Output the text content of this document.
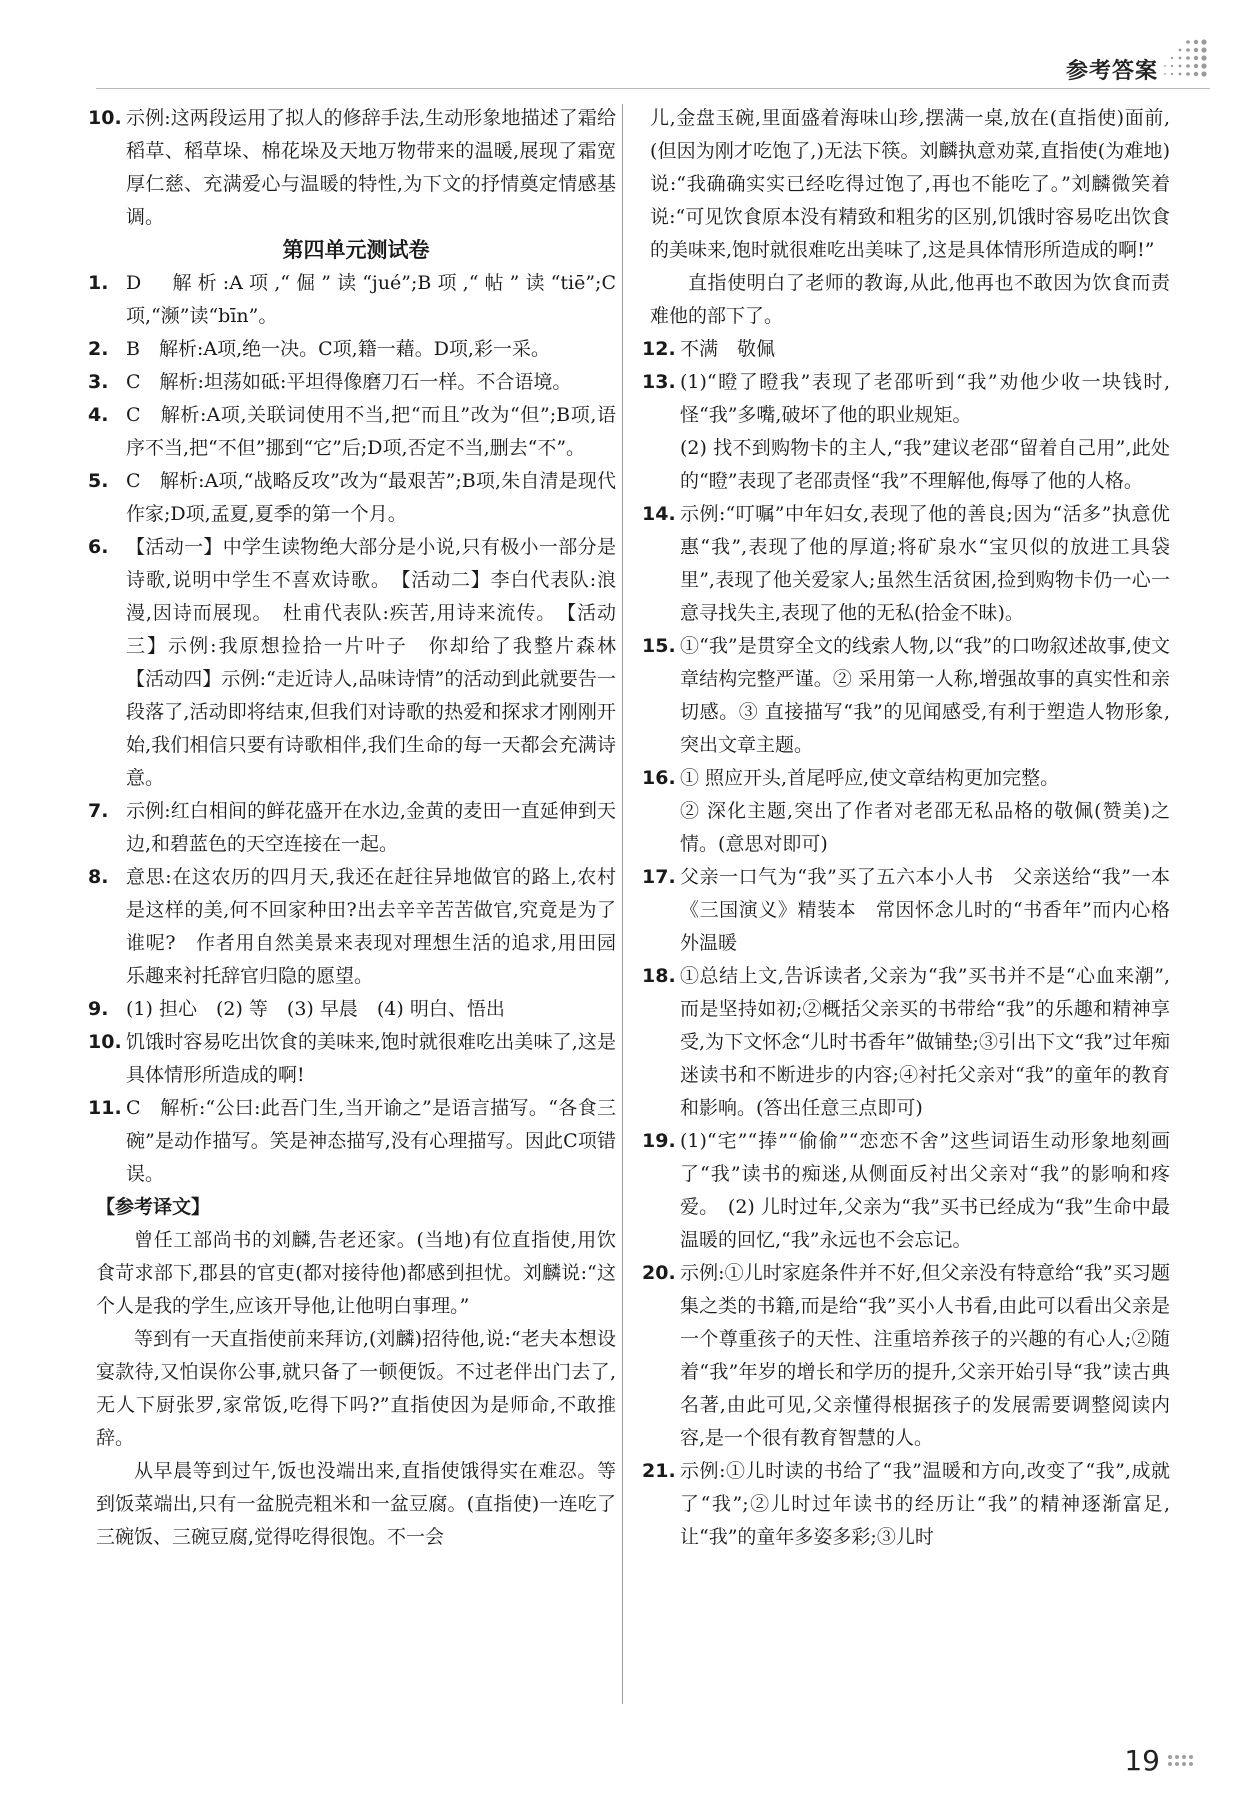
参考答案
10. 示例:这两段运用了拟人的修辞手法,生动形象地描述了霜给稻草、稻草垛、棉花垛及天地万物带来的温暖,展现了霜宽厚仁慈、充满爱心与温暖的特性,为下文的抒情奠定情感基调。
第四单元测试卷
1. D　解析:A项,“倔”读“jué”;B项,“帖”读“tiē”;C项,“濒”读“bīn”。
2. B　解析:A项,绝一决。C项,籍一藉。D项,彩一采。
3. C　解析:坦荡如砥:平坦得像磨刀石一样。不合语境。
4. C　解析:A项,关联词使用不当,把“而且”改为“但”;B项,语序不当,把“不但”挪到“它”后;D项,否定不当,删去“不”。
5. C　解析:A项,“战略反攻”改为“最艰苦”;B项,朱自清是现代作家;D项,孟夏,夏季的第一个月。
6. 【活动一】中学生读物绝大部分是小说,只有极小一部分是诗歌,说明中学生不喜欢诗歌。　【活动二】李白代表队:浪漫,因诗而展现。　杜甫代表队:疾苦,用诗来流传。　【活动三】示例:我原想捡拾一片叶子　你却给了我整片森林　【活动四】示例:“走近诗人,品味诗情”的活动到此就要告一段落了,活动即将结束,但我们对诗歌的热爱和探求才刚刚开始,我们相信只要有诗歌相伴,我们生命的每一天都会充满诗意。
7. 示例:红白相间的鲜花盛开在水边,金黄的麦田一直延伸到天边,和碧蓝色的天空连接在一起。
8. 意思:在这农历的四月天,我还在赶往异地做官的路上,农村是这样的美,何不回家种田?出去辛辛苦苦做官,究竟是为了谁呢?　作者用自然美景来表现对理想生活的追求,用田园乐趣来衬托辞官归隐的愿望。
9. (1) 担心　(2) 等　(3) 早晨　(4) 明白、悟出
10. 饥饿时容易吃出饮食的美味来,饱时就很难吃出美味了,这是具体情形所造成的啊!
11. C　解析:“公曰:此吾门生,当开谕之”是语言描写。“各食三碗”是动作描写。笑是神态描写,没有心理描写。因此C项错误。
【参考译文】

曾任工部尚书的刘麟,告老还家。(当地)有位直指使,用饮食苛求部下,郡县的官吏(都对接待他)都感到担忧。刘麟说:“这个人是我的学生,应该开导他,让他明白事理。”

等到有一天直指使前来拜访,(刘麟)招待他,说:“老夫本想设宴款待,又怕误你公事,就只备了一顿便饭。不过老伴出门去了,无人下厨张罗,家常饭,吃得下吗?”直指使因为是师命,不敢推辞。

从早晨等到过午,饭也没端出来,直指使饿得实在难忍。等到饭菜端出,只有一盆脱壳粗米和一盆豆腐。(直指使)一连吃了三碗饭、三碗豆腐,觉得吃得很饱。不一会

儿,金盘玉碗,里面盛着海味山珍,摆满一桌,放在(直指使)面前,(但因为刚才吃饱了,)无法下筷。刘麟执意劝菜,直指使(为难地)说:“我确确实实已经吃得过饱了,再也不能吃了。”刘麟微笑着说:“可见饮食原本没有精致和粗劣的区别,饥饿时容易吃出饮食的美味来,饱时就很难吃出美味了,这是具体情形所造成的啊!”

直指使明白了老师的教诲,从此,他再也不敢因为饮食而责难他的部下了。

12. 不满　敬佩
13. (1)“瞪了瞪我”表现了老邵听到“我”劝他少收一块钱时,怪“我”多嘴,破坏了他的职业规矩。
(2) 找不到购物卡的主人,“我”建议老邵“留着自己用”,此处的“瞪”表现了老邵责怪“我”不理解他,侮辱了他的人格。
14. 示例:“叮嘱”中年妇女,表现了他的善良;因为“活多”执意优惠“我”,表现了他的厚道;将矿泉水“宝贝似的放进工具袋里”,表现了他关爱家人;虽然生活贫困,捡到购物卡仍一心一意寻找失主,表现了他的无私(拾金不昧)。
15. ①“我”是贯穿全文的线索人物,以“我”的口吻叙述故事,使文章结构完整严谨。② 采用第一人称,增强故事的真实性和亲切感。③ 直接描写“我”的见闻感受,有利于塑造人物形象,突出文章主题。
16. ① 照应开头,首尾呼应,使文章结构更加完整。
② 深化主题,突出了作者对老邵无私品格的敬佩(赞美)之情。(意思对即可)
17. 父亲一口气为“我”买了五六本小人书　父亲送给“我”一本《三国演义》精装本　常因怀念儿时的“书香年”而内心格外温暖
18. ①总结上文,告诉读者,父亲为“我”买书并不是“心血来潮”,而是坚持如初;②概括父亲买的书带给“我”的乐趣和精神享受,为下文怀念“儿时书香年”做铺垫;③引出下文“我”过年痴迷读书和不断进步的内容;④衬托父亲对“我”的童年的教育和影响。(答出任意三点即可)
19. (1)“宅”“捧”“偷偷”“恋恋不舍”这些词语生动形象地刻画了“我”读书的痴迷,从侧面反衬出父亲对“我”的影响和疼爱。　(2) 儿时过年,父亲为“我”买书已经成为“我”生命中最温暖的回忆,“我”永远也不会忘记。
20. 示例:①儿时家庭条件并不好,但父亲没有特意给“我”买习题集之类的书籍,而是给“我”买小人书看,由此可以看出父亲是一个尊重孩子的天性、注重培养孩子的兴趣的有心人;②随着“我”年岁的增长和学历的提升,父亲开始引导“我”读古典名著,由此可见,父亲懂得根据孩子的发展需要调整阅读内容,是一个很有教育智慧的人。
21. 示例:①儿时读的书给了“我”温暖和方向,改变了“我”,成就了“我”;②儿时过年读书的经历让“我”的精神逐渐富足,让“我”的童年多姿多彩;③儿时
19
